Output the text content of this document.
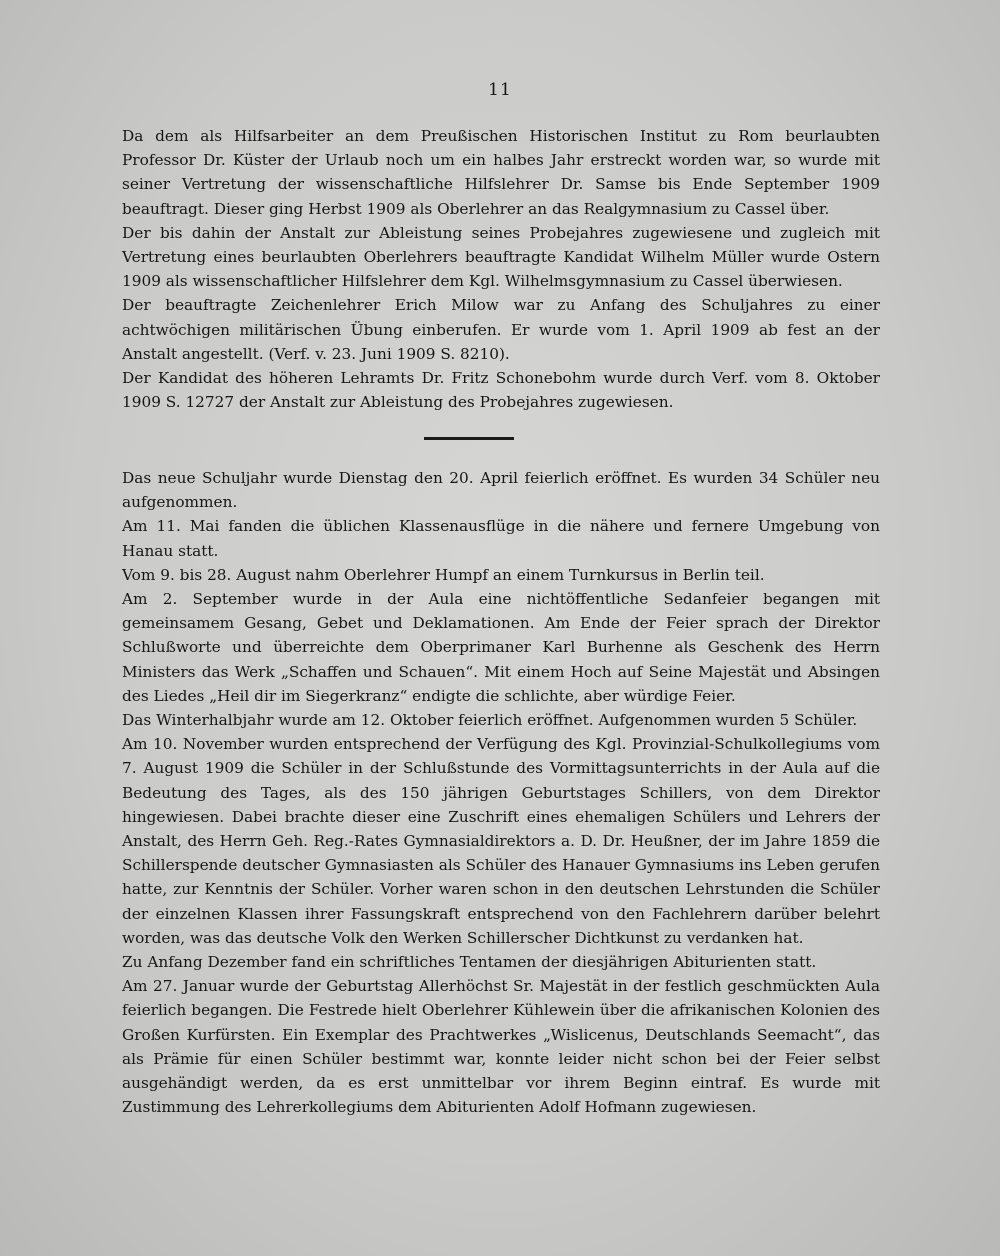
11

Da dem als Hilfsarbeiter an dem Preußischen Historischen Institut zu Rom beurlaubten Professor Dr. Küster der Urlaub noch um ein halbes Jahr erstreckt worden war, so wurde mit seiner Vertretung der wissenschaftliche Hilfslehrer Dr. Samse bis Ende September 1909 beauftragt. Dieser ging Herbst 1909 als Oberlehrer an das Realgymnasium zu Cassel über.

Der bis dahin der Anstalt zur Ableistung seines Probejahres zugewiesene und zugleich mit Vertretung eines beurlaubten Oberlehrers beauftragte Kandidat Wilhelm Müller wurde Ostern 1909 als wissenschaftlicher Hilfslehrer dem Kgl. Wilhelmsgymnasium zu Cassel überwiesen.

Der beauftragte Zeichenlehrer Erich Milow war zu Anfang des Schuljahres zu einer achtwöchigen militärischen Übung einberufen. Er wurde vom 1. April 1909 ab fest an der Anstalt angestellt. (Verf. v. 23. Juni 1909 S. 8210).

Der Kandidat des höheren Lehramts Dr. Fritz Schonebohm wurde durch Verf. vom 8. Oktober 1909 S. 12727 der Anstalt zur Ableistung des Probejahres zugewiesen.

Das neue Schuljahr wurde Dienstag den 20. April feierlich eröffnet. Es wurden 34 Schüler neu aufgenommen.

Am 11. Mai fanden die üblichen Klassenausflüge in die nähere und fernere Umgebung von Hanau statt.

Vom 9. bis 28. August nahm Oberlehrer Humpf an einem Turnkursus in Berlin teil.

Am 2. September wurde in der Aula eine nichtöffentliche Sedanfeier begangen mit gemeinsamem Gesang, Gebet und Deklamationen. Am Ende der Feier sprach der Direktor Schlußworte und überreichte dem Oberprimaner Karl Burhenne als Geschenk des Herrn Ministers das Werk „Schaffen und Schauen“. Mit einem Hoch auf Seine Majestät und Absingen des Liedes „Heil dir im Siegerkranz“ endigte die schlichte, aber würdige Feier.

Das Winterhalbjahr wurde am 12. Oktober feierlich eröffnet. Aufgenommen wurden 5 Schüler.

Am 10. November wurden entsprechend der Verfügung des Kgl. Provinzial-Schulkollegiums vom 7. August 1909 die Schüler in der Schlußstunde des Vormittagsunterrichts in der Aula auf die Bedeutung des Tages, als des 150 jährigen Geburtstages Schillers, von dem Direktor hingewiesen. Dabei brachte dieser eine Zuschrift eines ehemaligen Schülers und Lehrers der Anstalt, des Herrn Geh. Reg.-Rates Gymnasialdirektors a. D. Dr. Heußner, der im Jahre 1859 die Schillerspende deutscher Gymnasiasten als Schüler des Hanauer Gymnasiums ins Leben gerufen hatte, zur Kenntnis der Schüler. Vorher waren schon in den deutschen Lehrstunden die Schüler der einzelnen Klassen ihrer Fassungskraft entsprechend von den Fachlehrern darüber belehrt worden, was das deutsche Volk den Werken Schillerscher Dichtkunst zu verdanken hat.

Zu Anfang Dezember fand ein schriftliches Tentamen der diesjährigen Abiturienten statt.

Am 27. Januar wurde der Geburtstag Allerhöchst Sr. Majestät in der festlich geschmückten Aula feierlich begangen. Die Festrede hielt Oberlehrer Kühlewein über die afrikanischen Kolonien des Großen Kurfürsten. Ein Exemplar des Prachtwerkes „Wislicenus, Deutschlands Seemacht“, das als Prämie für einen Schüler bestimmt war, konnte leider nicht schon bei der Feier selbst ausgehändigt werden, da es erst unmittelbar vor ihrem Beginn eintraf. Es wurde mit Zustimmung des Lehrerkollegiums dem Abiturienten Adolf Hofmann zugewiesen.
